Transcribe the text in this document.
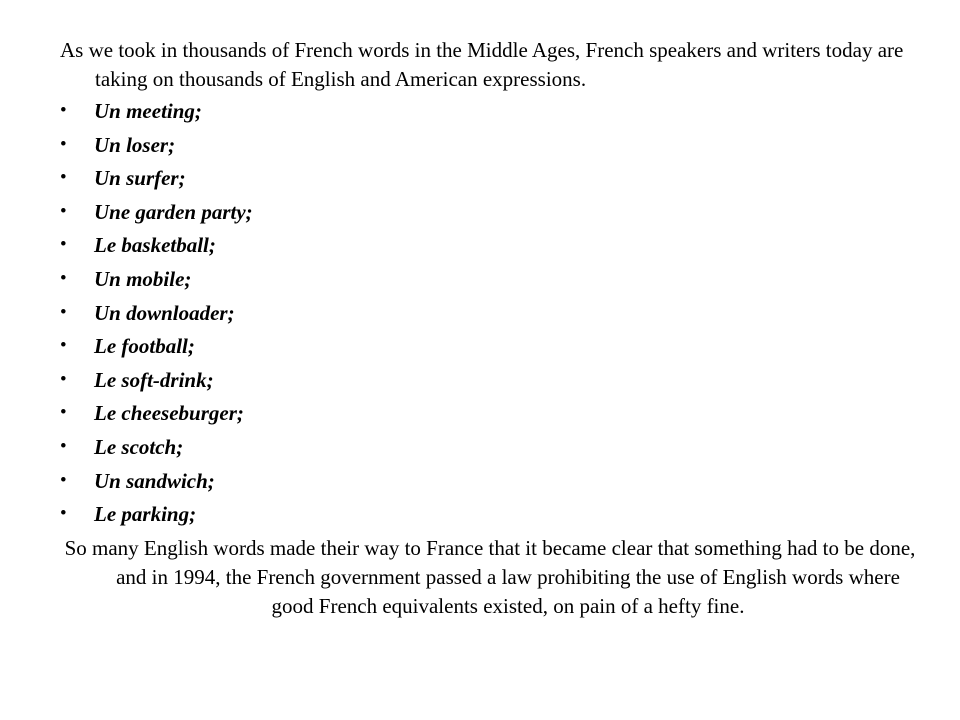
As we took in thousands of French words in the Middle Ages, French speakers and writers today are taking on thousands of English and American expressions.

• Un meeting;
• Un loser;
• Un surfer;
• Une garden party;
• Le basketball;
• Un mobile;
• Un downloader;
• Le football;
• Le soft-drink;
• Le cheeseburger;
• Le scotch;
• Un sandwich;
• Le parking;

So many English words made their way to France that it became clear that something had to be done, and in 1994, the French government passed a law prohibiting the use of English words where good French equivalents existed, on pain of a hefty fine.
